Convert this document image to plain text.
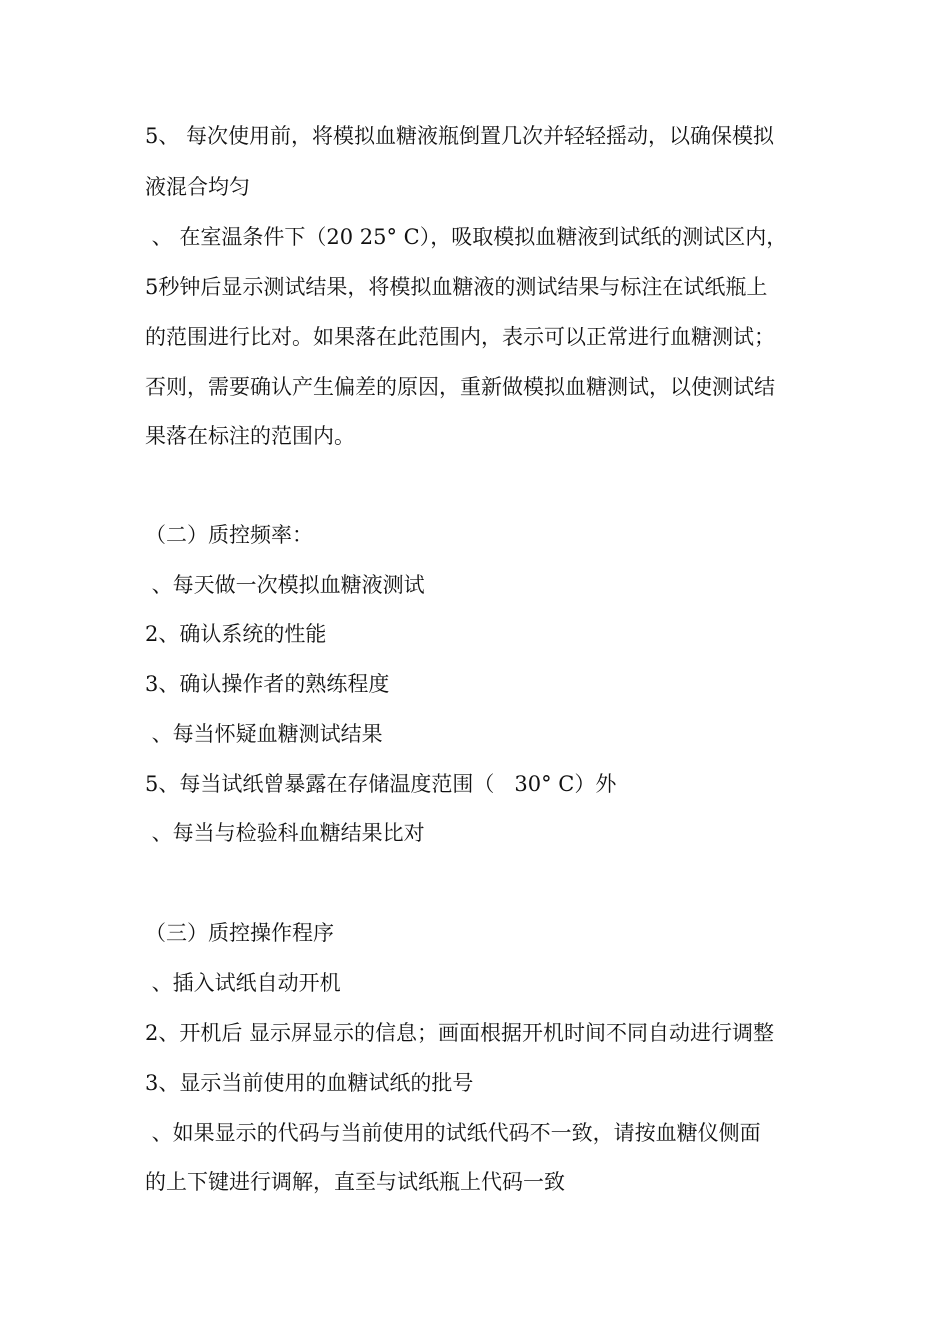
5、 每次使用前，将模拟血糖液瓶倒置几次并轻轻摇动，以确保模拟

液混合均匀

、 在室温条件下（20 25° C），吸取模拟血糖液到试纸的测试区内，

5秒钟后显示测试结果，将模拟血糖液的测试结果与标注在试纸瓶上

的范围进行比对。如果落在此范围内，表示可以正常进行血糖测试；

否则，需要确认产生偏差的原因，重新做模拟血糖测试，以使测试结

果落在标注的范围内。

（二）质控频率：

、每天做一次模拟血糖液测试

2、确认系统的性能

3、确认操作者的熟练程度

、每当怀疑血糖测试结果

5、每当试纸曾暴露在存储温度范围（   30° C）外

、每当与检验科血糖结果比对

（三）质控操作程序

、插入试纸自动开机

2、开机后 显示屏显示的信息；画面根据开机时间不同自动进行调整

3、显示当前使用的血糖试纸的批号

、如果显示的代码与当前使用的试纸代码不一致，请按血糖仪侧面

的上下键进行调解，直至与试纸瓶上代码一致
